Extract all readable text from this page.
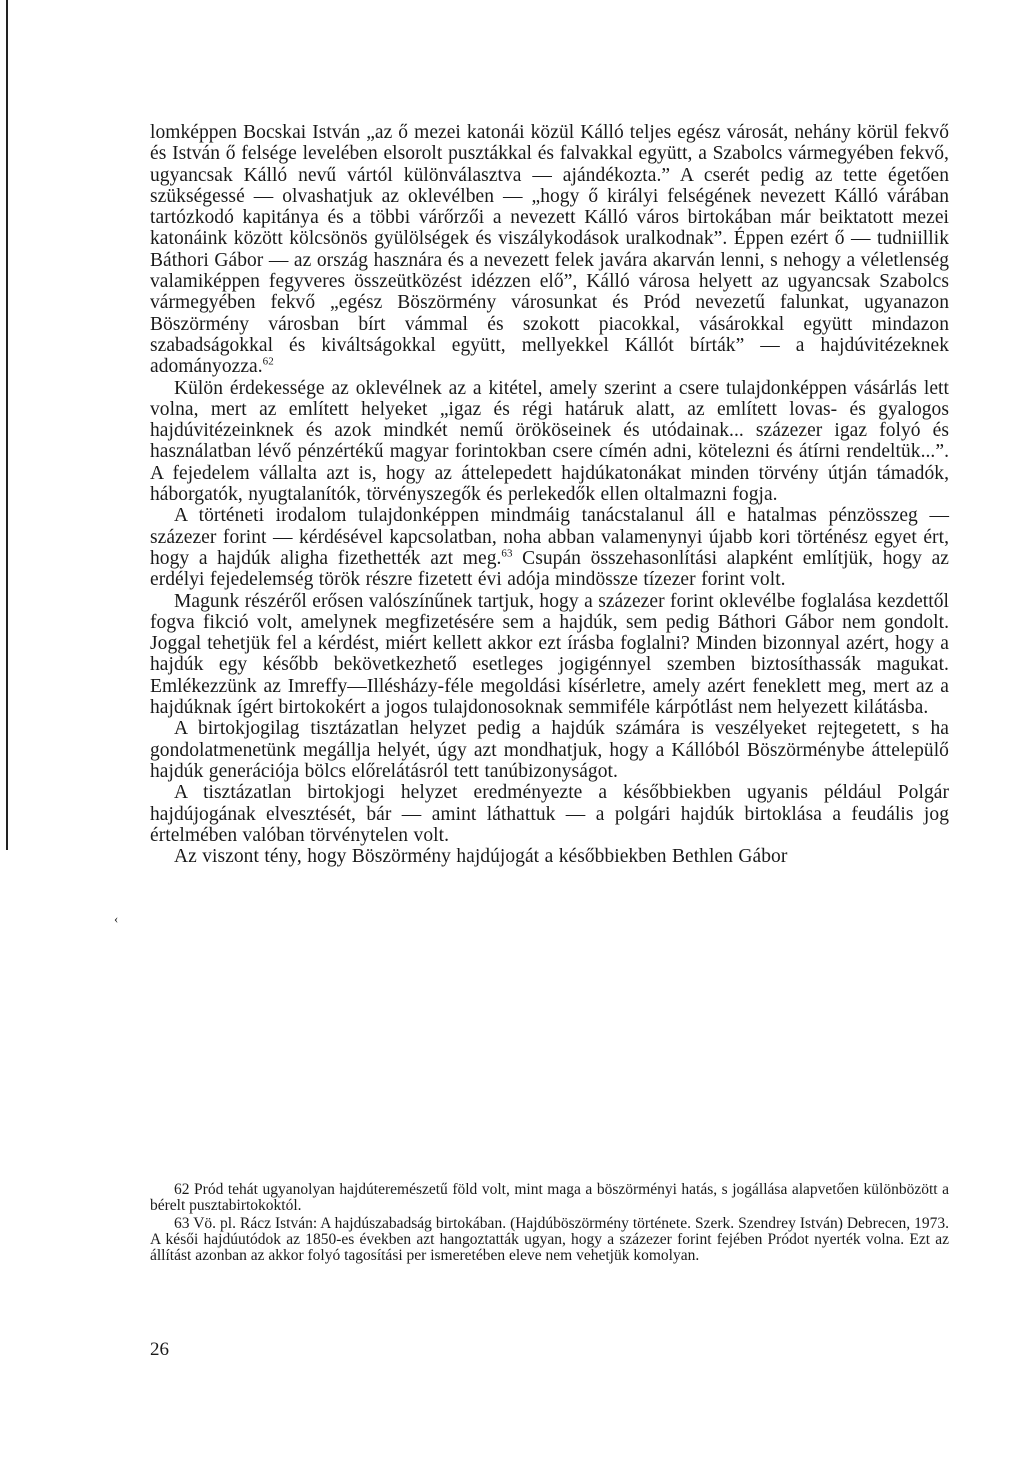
‹

lomképpen Bocskai István „az ő mezei katonái közül Kálló teljes egész városát, nehány körül fekvő és István ő felsége levelében elsorolt pusztákkal és falvakkal együtt, a Szabolcs vármegyében fekvő, ugyancsak Kálló nevű vártól különválasztva — ajándékozta.” A cserét pedig az tette égetően szükségessé — olvashatjuk az oklevélben — „hogy ő királyi felségének nevezett Kálló várában tartózkodó kapitánya és a többi várőrzői a nevezett Kálló város birtokában már beiktatott mezei katonáink között kölcsönös gyülölségek és viszálykodások uralkodnak”. Éppen ezért ő — tudniillik Báthori Gábor — az ország hasznára és a nevezett felek javára akarván lenni, s nehogy a véletlenség valamiképpen fegyveres összeütközést idézzen elő”, Kálló városa helyett az ugyancsak Szabolcs vármegyében fekvő „egész Böszörmény városunkat és Pród nevezetű falunkat, ugyanazon Böszörmény városban bírt vámmal és szokott piacokkal, vásárokkal együtt mindazon szabadságokkal és kiváltságokkal együtt, mellyekkel Kállót bírták” — a hajdúvitézeknek adományozza.$^{62}$

Külön érdekessége az oklevélnek az a kitétel, amely szerint a csere tulajdonképpen vásárlás lett volna, mert az említett helyeket „igaz és régi határuk alatt, az említett lovas- és gyalogos hajdúvitézeinknek és azok mindkét nemű örököseinek és utódainak... százezer igaz folyó és használatban lévő pénzértékű magyar forintokban csere címén adni, kötelezni és átírni rendeltük...”. A fejedelem vállalta azt is, hogy az áttelepedett hajdúkatonákat minden törvény útján támadók, háborgatók, nyugtalanítók, törvényszegők és perlekedők ellen oltalmazni fogja.

A történeti irodalom tulajdonképpen mindmáig tanácstalanul áll e hatalmas pénzösszeg — százezer forint — kérdésével kapcsolatban, noha abban valamenynyi újabb kori történész egyet ért, hogy a hajdúk aligha fizethették azt meg.$^{63}$ Csupán összehasonlítási alapként említjük, hogy az erdélyi fejedelemség török részre fizetett évi adója mindössze tízezer forint volt.

Magunk részéről erősen valószínűnek tartjuk, hogy a százezer forint oklevélbe foglalása kezdettől fogva fikció volt, amelynek megfizetésére sem a hajdúk, sem pedig Báthori Gábor nem gondolt. Joggal tehetjük fel a kérdést, miért kellett akkor ezt írásba foglalni? Minden bizonnyal azért, hogy a hajdúk egy később bekövetkezhető esetleges jogigénnyel szemben biztosíthassák magukat. Emlékezzünk az Imreffy—Illésházy-féle megoldási kísérletre, amely azért feneklett meg, mert az a hajdúknak ígért birtokokért a jogos tulajdonosoknak semmiféle kárpótlást nem helyezett kilátásba.

A birtokjogilag tisztázatlan helyzet pedig a hajdúk számára is veszélyeket rejtegetett, s ha gondolatmenetünk megállja helyét, úgy azt mondhatjuk, hogy a Kállóból Böszörménybe áttelepülő hajdúk generációja bölcs előrelátásról tett tanúbizonyságot.

A tisztázatlan birtokjogi helyzet eredményezte a későbbiekben ugyanis például Polgár hajdújogának elvesztését, bár — amint láthattuk — a polgári hajdúk birtoklása a feudális jog értelmében valóban törvénytelen volt.

Az viszont tény, hogy Böszörmény hajdújogát a későbbiekben Bethlen Gábor

62 Pród tehát ugyanolyan hajdúteremészetű föld volt, mint maga a böszörményi hatás, s jogállása alapvetően különbözött a bérelt pusztabirtokoktól.

63 Vö. pl. Rácz István: A hajdúszabadság birtokában. (Hajdúböszörmény története. Szerk. Szendrey István) Debrecen, 1973. A késői hajdúutódok az 1850-es években azt hangoztatták ugyan, hogy a százezer forint fejében Pródot nyerték volna. Ezt az állítást azonban az akkor folyó tagosítási per ismeretében eleve nem vehetjük komolyan.

26
